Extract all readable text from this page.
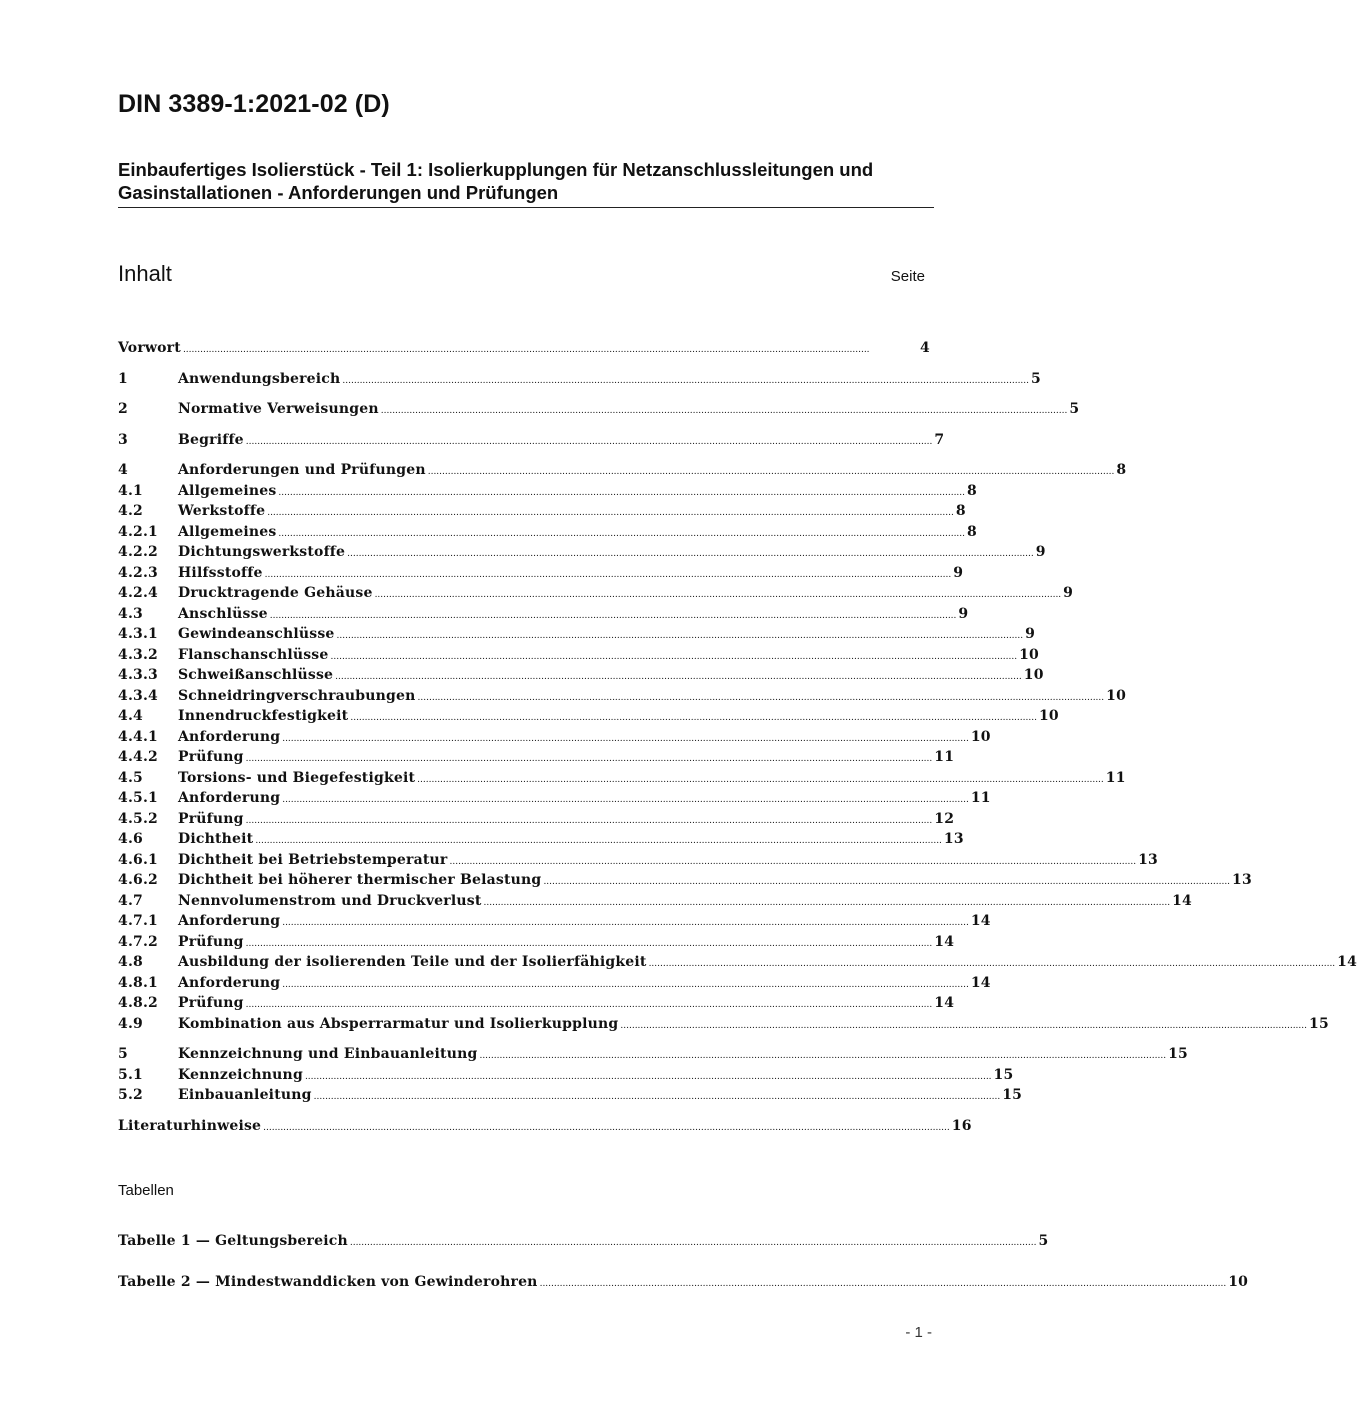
DIN 3389-1:2021-02 (D)
Einbaufertiges Isolierstück - Teil 1: Isolierkupplungen für Netzanschlussleitungen und Gasinstallationen - Anforderungen und Prüfungen
Inhalt	Seite
Vorwort .....	4
1	Anwendungsbereich .....	5
2	Normative Verweisungen .....	5
3	Begriffe .....	7
4	Anforderungen und Prüfungen .....	8
4.1	Allgemeines .....	8
4.2	Werkstoffe .....	8
4.2.1	Allgemeines .....	8
4.2.2	Dichtungswerkstoffe .....	9
4.2.3	Hilfsstoffe .....	9
4.2.4	Drucktragende Gehäuse .....	9
4.3	Anschlüsse .....	9
4.3.1	Gewindeanschlüsse .....	9
4.3.2	Flanschanschlüsse .....	10
4.3.3	Schweißanschlüsse .....	10
4.3.4	Schneidringverschraubungen .....	10
4.4	Innendruckfestigkeit .....	10
4.4.1	Anforderung .....	10
4.4.2	Prüfung .....	11
4.5	Torsions- und Biegefestigkeit .....	11
4.5.1	Anforderung .....	11
4.5.2	Prüfung .....	12
4.6	Dichtheit .....	13
4.6.1	Dichtheit bei Betriebstemperatur .....	13
4.6.2	Dichtheit bei höherer thermischer Belastung .....	13
4.7	Nennvolumenstrom und Druckverlust .....	14
4.7.1	Anforderung .....	14
4.7.2	Prüfung .....	14
4.8	Ausbildung der isolierenden Teile und der Isolierfähigkeit .....	14
4.8.1	Anforderung .....	14
4.8.2	Prüfung .....	14
4.9	Kombination aus Absperrarmatur und Isolierkupplung .....	15
5	Kennzeichnung und Einbauanleitung .....	15
5.1	Kennzeichnung .....	15
5.2	Einbauanleitung .....	15
Literaturhinweise .....	16
Tabellen
Tabelle 1 — Geltungsbereich .....	5
Tabelle 2 — Mindestwanddicken von Gewinderohren .....	10
- 1 -
